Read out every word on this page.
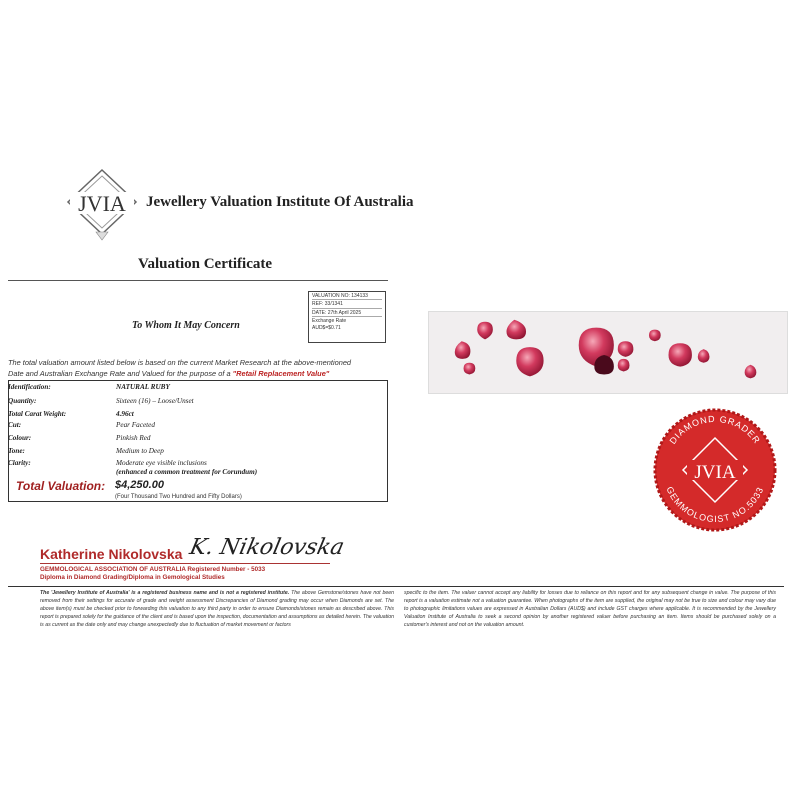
JVIA Jewellery Valuation Institute Of Australia
Valuation Certificate
VALUATION NO: 134133
REF: 33/1341
DATE: 27th April 2025
Exchange Rate
AUD$=$0.71
To Whom It May Concern
The total valuation amount listed below is based on the current Market Research at the above-mentioned
Date and Australian Exchange Rate and Valued for the purpose of a "Retail Replacement Value"
Identification:	NATURAL RUBY
Quantity:	Sixteen (16) – Loose/Unset
Total Carat Weight:	4.96ct
Cut:	Pear Faceted
Colour:	Pinkish Red
Tone:	Medium to Deep
Clarity:	Moderate eye visible inclusions
(enhanced a common treatment for Corundum)
Total Valuation: $4,250.00
(Four Thousand Two Hundred and Fifty Dollars)
DIAMOND GRADER
GEMMOLOGIST NO.5033
JVIA
Katherine Nikolovska K. Nikolovska
GEMMOLOGICAL ASSOCIATION OF AUSTRALIA Registered Number - 5033
Diploma in Diamond Grading/Diploma in Gemological Studies
The 'Jewellery Institute of Australia' is a registered business name and is not a registered institute. The above Gemstone/stones have not been removed from their settings for accurate of grade and weight assessment Discrepancies of Diamond grading may occur when Diamonds are set. The above item(s) must be checked prior to forwarding this valuation to any third party in order to ensure Diamonds/stones remain as described above. This report is prepared solely for the guidance of the client and is based upon the inspection, documentation and assumptions as detailed herein. The valuation is as current as the date only and may change unexpectedly due to fluctuation of market movement or factors
specific to the item. The valuer cannot accept any liability for losses due to reliance on this report and for any subsequent change in value. The purpose of this report is a valuation estimate not a valuation guarantee. When photographs of the item are supplied, the original may not be true to size and colour may vary due to photographic limitations values are expressed in Australian Dollars (AUD$) and include GST charges where applicable. It is recommended by the Jewellery Valuation Institute of Australia to seek a second opinion by another registered valuer before purchasing an item. Items should be purchased solely on a customer's interest and not on the valuation amount.
